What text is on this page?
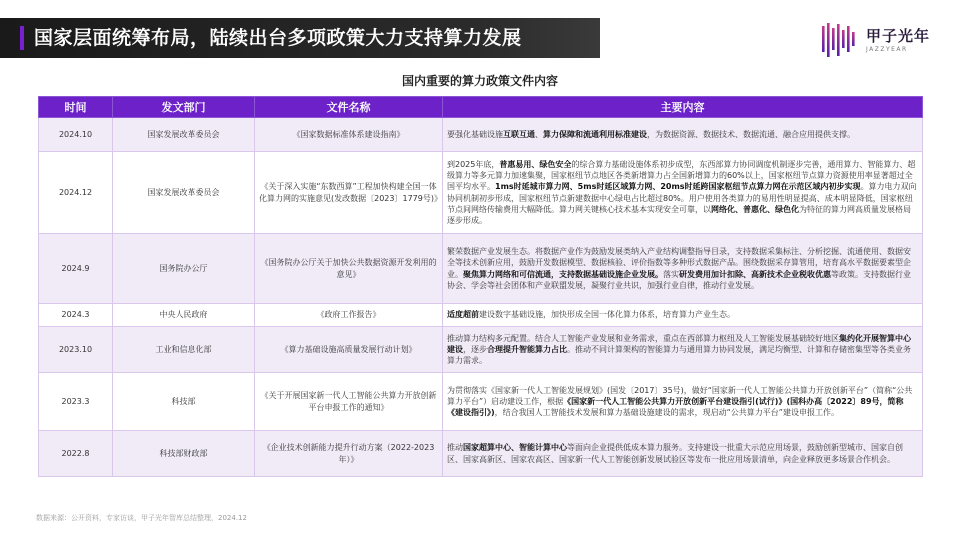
国家层面统筹布局，陆续出台多项政策大力支持算力发展	甲子光年
JAZZYEAR
国内重要的算力政策文件内容
时间	发文部门	文件名称	主要内容
2024.10	国家发展改革委员会	《国家数据标准体系建设指南》	要强化基础设施互联互通、算力保障和流通利用标准建设，为数据资源、数据技术、数据流通、融合应用提供支撑。
2024.12	国家发展改革委员会	《关于深入实施“东数西算”工程加快构建全国一体化算力网的实施意见(发改数据〔2023〕1779号)》	到2025年底，普惠易用、绿色安全的综合算力基础设施体系初步成型，东西部算力协同调度机制逐步完善，通用算力、智能算力、超级算力等多元算力加速集聚，国家枢纽节点地区各类新增算力占全国新增算力的60%以上，国家枢纽节点算力资源使用率显著超过全国平均水平。1ms时延城市算力网、5ms时延区域算力网、20ms时延跨国家枢纽节点算力网在示范区域内初步实现。算力电力双向协同机制初步形成，国家枢纽节点新建数据中心绿电占比超过80%。用户使用各类算力的易用性明显提高、成本明显降低，国家枢纽节点间网络传输费用大幅降低。算力网关键核心技术基本实现安全可靠，以网络化、普惠化、绿色化为特征的算力网高质量发展格局逐步形成。
2024.9	国务院办公厅	《国务院办公厅关于加快公共数据资源开发利用的意见》	繁荣数据产业发展生态。将数据产业作为鼓励发展类纳入产业结构调整指导目录，支持数据采集标注、分析挖掘、流通使用、数据安全等技术创新应用，鼓励开发数据模型、数据核验、评价指数等多种形式数据产品。围绕数据采存算管用，培育高水平数据要素型企业。聚焦算力网络和可信流通，支持数据基础设施企业发展。落实研发费用加计扣除、高新技术企业税收优惠等政策。支持数据行业协会、学会等社会团体和产业联盟发展，凝聚行业共识，加强行业自律，推动行业发展。
2024.3	中央人民政府	《政府工作报告》	适度超前建设数字基础设施，加快形成全国一体化算力体系，培育算力产业生态。
2023.10	工业和信息化部	《算力基础设施高质量发展行动计划》	推动算力结构多元配置。结合人工智能产业发展和业务需求，重点在西部算力枢纽及人工智能发展基础较好地区集约化开展智算中心建设，逐步合理提升智能算力占比。推动不同计算架构的智能算力与通用算力协同发展，满足均衡型、计算和存储密集型等各类业务算力需求。
2023.3	科技部	《关于开展国家新一代人工智能公共算力开放创新平台申报工作的通知》	为贯彻落实《国家新一代人工智能发展规划》(国发〔2017〕35号)，做好“国家新一代人工智能公共算力开放创新平台”（简称“公共算力平台”）启动建设工作，根据《国家新一代人工智能公共算力开放创新平台建设指引(试行)》(国科办高〔2022〕89号，简称《建设指引》)，结合我国人工智能技术发展和算力基础设施建设的需求，现启动“公共算力平台”建设申报工作。
2022.8	科技部财政部	《企业技术创新能力提升行动方案（2022-2023年）》	推动国家超算中心、智能计算中心等面向企业提供低成本算力服务。支持建设一批重大示范应用场景，鼓励创新型城市、国家自创区、国家高新区、国家农高区、国家新一代人工智能创新发展试验区等发布一批应用场景清单，向企业释放更多场景合作机会。
数据来源：公开资料，专家访谈，甲子光年智库总结整理，2024.12
